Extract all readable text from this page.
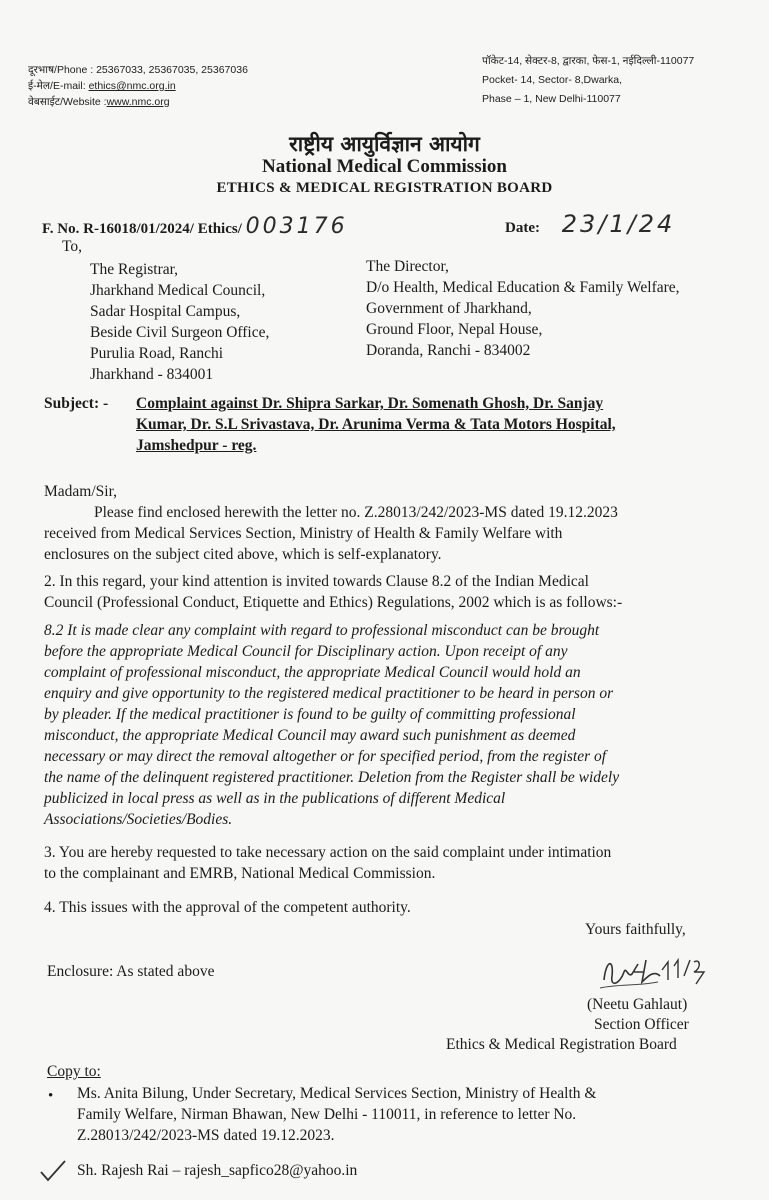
दूरभाष/Phone : 25367033, 25367035, 25367036
ई-मेल/E-mail: ethics@nmc.org.in
वेबसाईट/Website :www.nmc.org
पॉकेट-14, सेक्टर-8, द्वारका, फेस-1, नईदिल्ली-110077
Pocket- 14, Sector- 8,Dwarka,
Phase – 1, New Delhi-110077
राष्ट्रीय आयुर्विज्ञान आयोग
National Medical Commission
ETHICS & MEDICAL REGISTRATION BOARD
F. No. R-16018/01/2024/ Ethics/ 003176	Date: 23/1/24
To,
The Registrar,
Jharkhand Medical Council,
Sadar Hospital Campus,
Beside Civil Surgeon Office,
Purulia Road, Ranchi
Jharkhand - 834001
The Director,
D/o Health, Medical Education & Family Welfare,
Government of Jharkhand,
Ground Floor, Nepal House,
Doranda, Ranchi - 834002
Subject: -	Complaint against Dr. Shipra Sarkar, Dr. Somenath Ghosh, Dr. Sanjay
Kumar, Dr. S.L Srivastava, Dr. Arunima Verma & Tata Motors Hospital,
Jamshedpur - reg.
Madam/Sir,
Please find enclosed herewith the letter no. Z.28013/242/2023-MS dated 19.12.2023
received from Medical Services Section, Ministry of Health & Family Welfare with
enclosures on the subject cited above, which is self-explanatory.
2. In this regard, your kind attention is invited towards Clause 8.2 of the Indian Medical
Council (Professional Conduct, Etiquette and Ethics) Regulations, 2002 which is as follows:-
8.2 It is made clear any complaint with regard to professional misconduct can be brought
before the appropriate Medical Council for Disciplinary action. Upon receipt of any
complaint of professional misconduct, the appropriate Medical Council would hold an
enquiry and give opportunity to the registered medical practitioner to be heard in person or
by pleader. If the medical practitioner is found to be guilty of committing professional
misconduct, the appropriate Medical Council may award such punishment as deemed
necessary or may direct the removal altogether or for specified period, from the register of
the name of the delinquent registered practitioner. Deletion from the Register shall be widely
publicized in local press as well as in the publications of different Medical
Associations/Societies/Bodies.
3. You are hereby requested to take necessary action on the said complaint under intimation
to the complainant and EMRB, National Medical Commission.
4. This issues with the approval of the competent authority.
Yours faithfully,
Enclosure: As stated above
(Neetu Gahlaut)
Section Officer
Ethics & Medical Registration Board
Copy to:
• Ms. Anita Bilung, Under Secretary, Medical Services Section, Ministry of Health &
Family Welfare, Nirman Bhawan, New Delhi - 110011, in reference to letter No.
Z.28013/242/2023-MS dated 19.12.2023.
Sh. Rajesh Rai – rajesh_sapfico28@yahoo.in
